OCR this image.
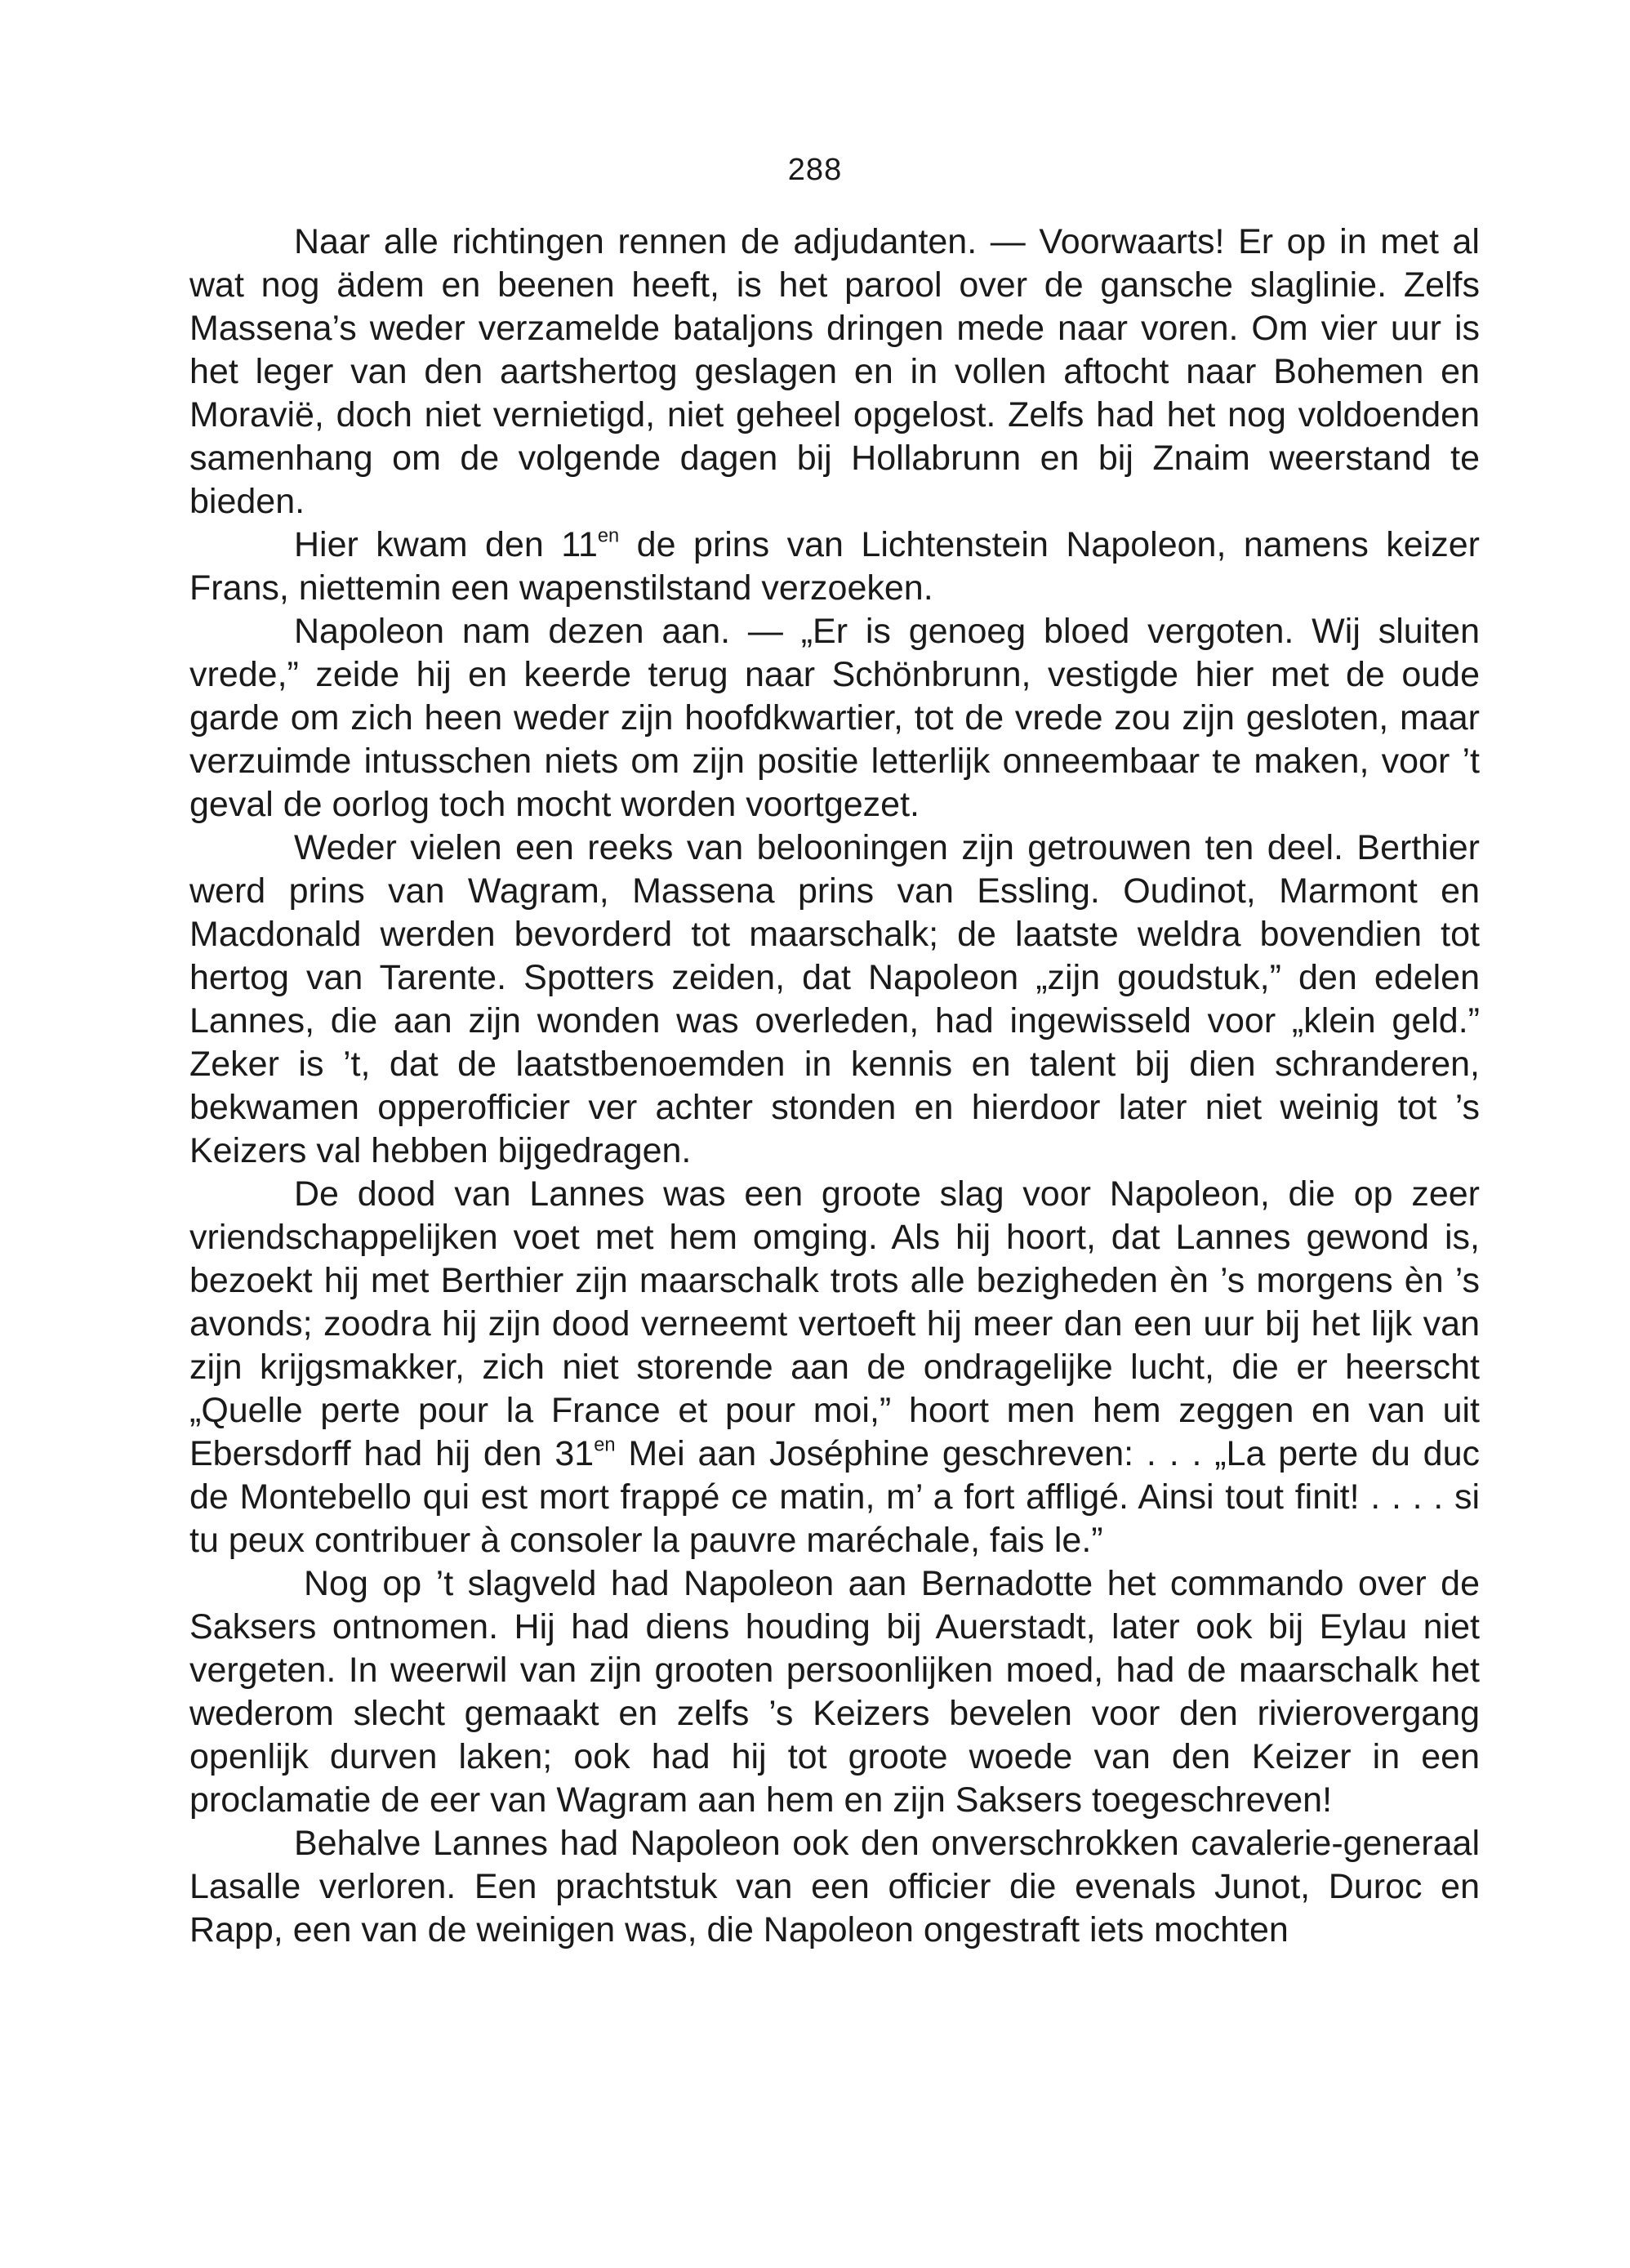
288

Naar alle richtingen rennen de adjudanten. — Voorwaarts! Er op in met al wat nog ädem en beenen heeft, is het parool over de gansche slaglinie. Zelfs Massena’s weder verzamelde bataljons dringen mede naar voren. Om vier uur is het leger van den aartshertog geslagen en in vollen aftocht naar Bohemen en Moravië, doch niet vernietigd, niet geheel opgelost. Zelfs had het nog voldoenden samenhang om de volgende dagen bij Hollabrunn en bij Znaim weerstand te bieden.

Hier kwam den $11^{en}$ de prins van Lichtenstein Napoleon, namens keizer Frans, niettemin een wapenstilstand verzoeken.

Napoleon nam dezen aan. — „Er is genoeg bloed vergoten. Wij sluiten vrede,” zeide hij en keerde terug naar Schönbrunn, vestigde hier met de oude garde om zich heen weder zijn hoofdkwartier, tot de vrede zou zijn gesloten, maar verzuimde intusschen niets om zijn positie letterlijk onneembaar te maken, voor ’t geval de oorlog toch mocht worden voortgezet.

Weder vielen een reeks van belooningen zijn getrouwen ten deel. Berthier werd prins van Wagram, Massena prins van Essling. Oudinot, Marmont en Macdonald werden bevorderd tot maarschalk; de laatste weldra bovendien tot hertog van Tarente. Spotters zeiden, dat Napoleon „zijn goudstuk,” den edelen Lannes, die aan zijn wonden was overleden, had ingewisseld voor „klein geld.” Zeker is ’t, dat de laatstbenoemden in kennis en talent bij dien schranderen, bekwamen opperofficier ver achter stonden en hierdoor later niet weinig tot ’s Keizers val hebben bijgedragen.

De dood van Lannes was een groote slag voor Napoleon, die op zeer vriendschappelijken voet met hem omging. Als hij hoort, dat Lannes gewond is, bezoekt hij met Berthier zijn maarschalk trots alle bezigheden èn ’s morgens èn ’s avonds; zoodra hij zijn dood verneemt vertoeft hij meer dan een uur bij het lijk van zijn krijgsmakker, zich niet storende aan de ondragelijke lucht, die er heerscht „Quelle perte pour la France et pour moi,” hoort men hem zeggen en van uit Ebersdorff had hij den $31^{en}$ Mei aan Joséphine geschreven: . . . „La perte du duc de Montebello qui est mort frappé ce matin, m’ a fort affligé. Ainsi tout finit! . . . . si tu peux contribuer à consoler la pauvre maréchale, fais le.”

Nog op ’t slagveld had Napoleon aan Bernadotte het commando over de Saksers ontnomen. Hij had diens houding bij Auerstadt, later ook bij Eylau niet vergeten. In weerwil van zijn grooten persoonlijken moed, had de maarschalk het wederom slecht gemaakt en zelfs ’s Keizers bevelen voor den rivierovergang openlijk durven laken; ook had hij tot groote woede van den Keizer in een proclamatie de eer van Wagram aan hem en zijn Saksers toegeschreven!

Behalve Lannes had Napoleon ook den onverschrokken cavalerie-generaal Lasalle verloren. Een prachtstuk van een officier die evenals Junot, Duroc en Rapp, een van de weinigen was, die Napoleon ongestraft iets mochten
